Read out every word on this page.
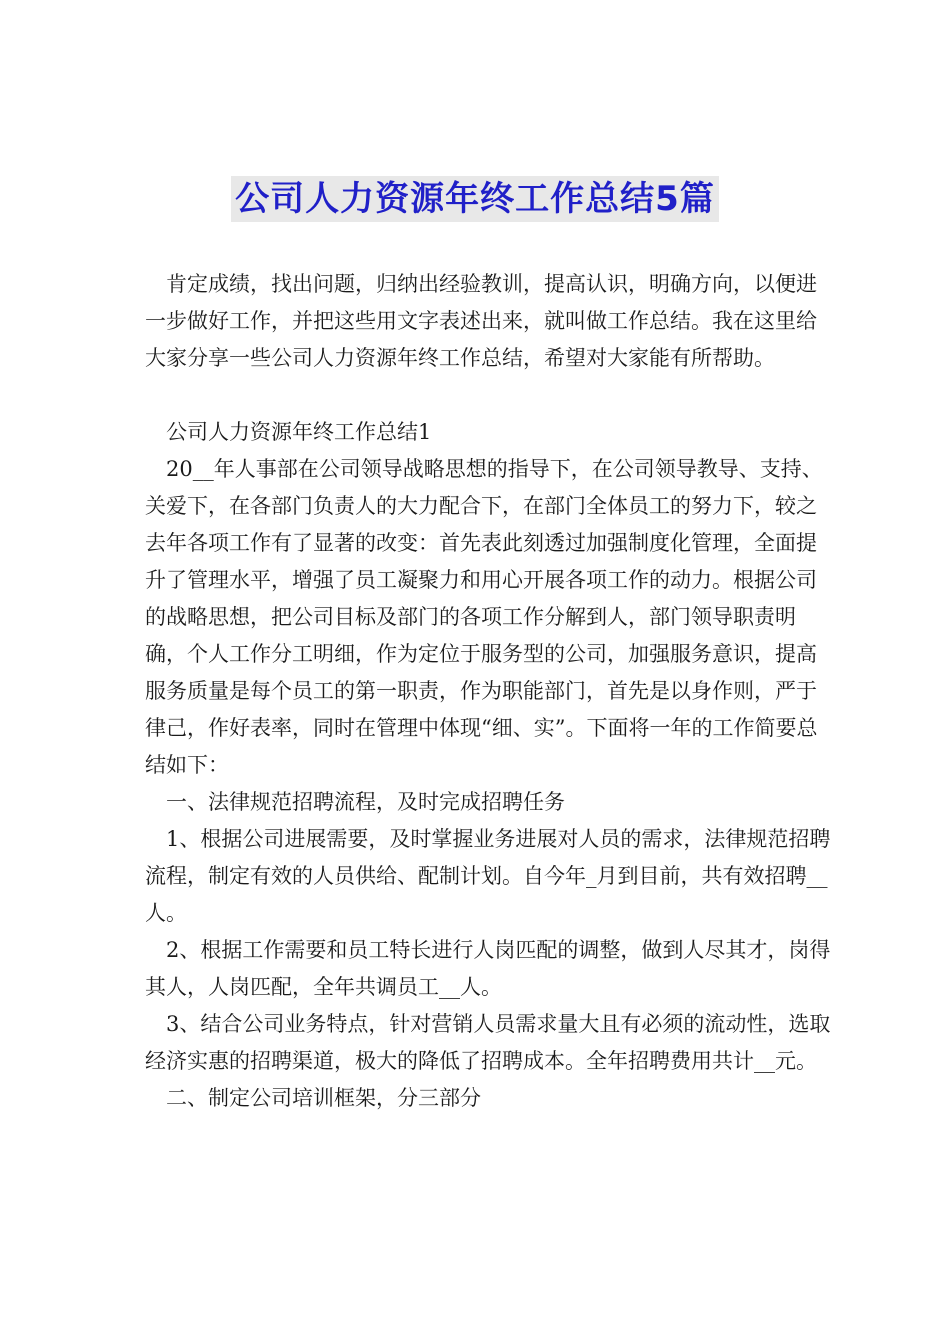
公司人力资源年终工作总结5篇

肯定成绩，找出问题，归纳出经验教训，提高认识，明确方向，以便进一步做好工作，并把这些用文字表述出来，就叫做工作总结。我在这里给大家分享一些公司人力资源年终工作总结，希望对大家能有所帮助。

公司人力资源年终工作总结1

20__年人事部在公司领导战略思想的指导下，在公司领导教导、支持、关爱下，在各部门负责人的大力配合下，在部门全体员工的努力下，较之去年各项工作有了显著的改变：首先表此刻透过加强制度化管理，全面提升了管理水平，增强了员工凝聚力和用心开展各项工作的动力。根据公司的战略思想，把公司目标及部门的各项工作分解到人，部门领导职责明确，个人工作分工明细，作为定位于服务型的公司，加强服务意识，提高服务质量是每个员工的第一职责，作为职能部门，首先是以身作则，严于律己，作好表率，同时在管理中体现“细、实”。下面将一年的工作简要总结如下：

一、法律规范招聘流程，及时完成招聘任务

1、根据公司进展需要，及时掌握业务进展对人员的需求，法律规范招聘流程，制定有效的人员供给、配制计划。自今年_月到目前，共有效招聘__人。

2、根据工作需要和员工特长进行人岗匹配的调整，做到人尽其才，岗得其人，人岗匹配，全年共调员工__人。

3、结合公司业务特点，针对营销人员需求量大且有必须的流动性，选取经济实惠的招聘渠道，极大的降低了招聘成本。全年招聘费用共计__元。

二、制定公司培训框架，分三部分
